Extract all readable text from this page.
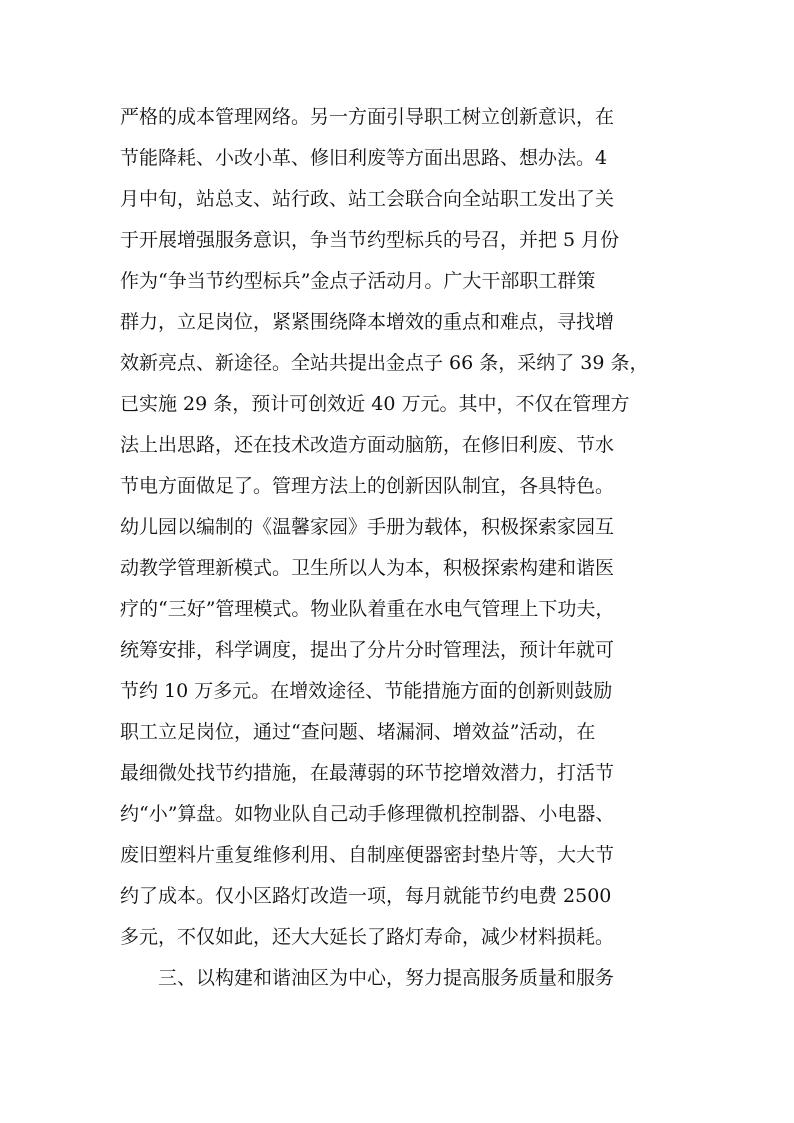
严格的成本管理网络。另一方面引导职工树立创新意识，在
节能降耗、小改小革、修旧利废等方面出思路、想办法。4
月中旬，站总支、站行政、站工会联合向全站职工发出了关
于开展增强服务意识，争当节约型标兵的号召，并把 5 月份
作为“争当节约型标兵”金点子活动月。广大干部职工群策
群力，立足岗位，紧紧围绕降本增效的重点和难点，寻找增
效新亮点、新途径。全站共提出金点子 66 条，采纳了 39 条，
已实施 29 条，预计可创效近 40 万元。其中，不仅在管理方
法上出思路，还在技术改造方面动脑筋，在修旧利废、节水
节电方面做足了。管理方法上的创新因队制宜，各具特色。
幼儿园以编制的《温馨家园》手册为载体，积极探索家园互
动教学管理新模式。卫生所以人为本，积极探索构建和谐医
疗的“三好”管理模式。物业队着重在水电气管理上下功夫，
统筹安排，科学调度，提出了分片分时管理法，预计年就可
节约 10 万多元。在增效途径、节能措施方面的创新则鼓励
职工立足岗位，通过“查问题、堵漏洞、增效益”活动，在
最细微处找节约措施，在最薄弱的环节挖增效潜力，打活节
约“小”算盘。如物业队自己动手修理微机控制器、小电器、
废旧塑料片重复维修利用、自制座便器密封垫片等，大大节
约了成本。仅小区路灯改造一项，每月就能节约电费 2500
多元，不仅如此，还大大延长了路灯寿命，减少材料损耗。
三、以构建和谐油区为中心，努力提高服务质量和服务
